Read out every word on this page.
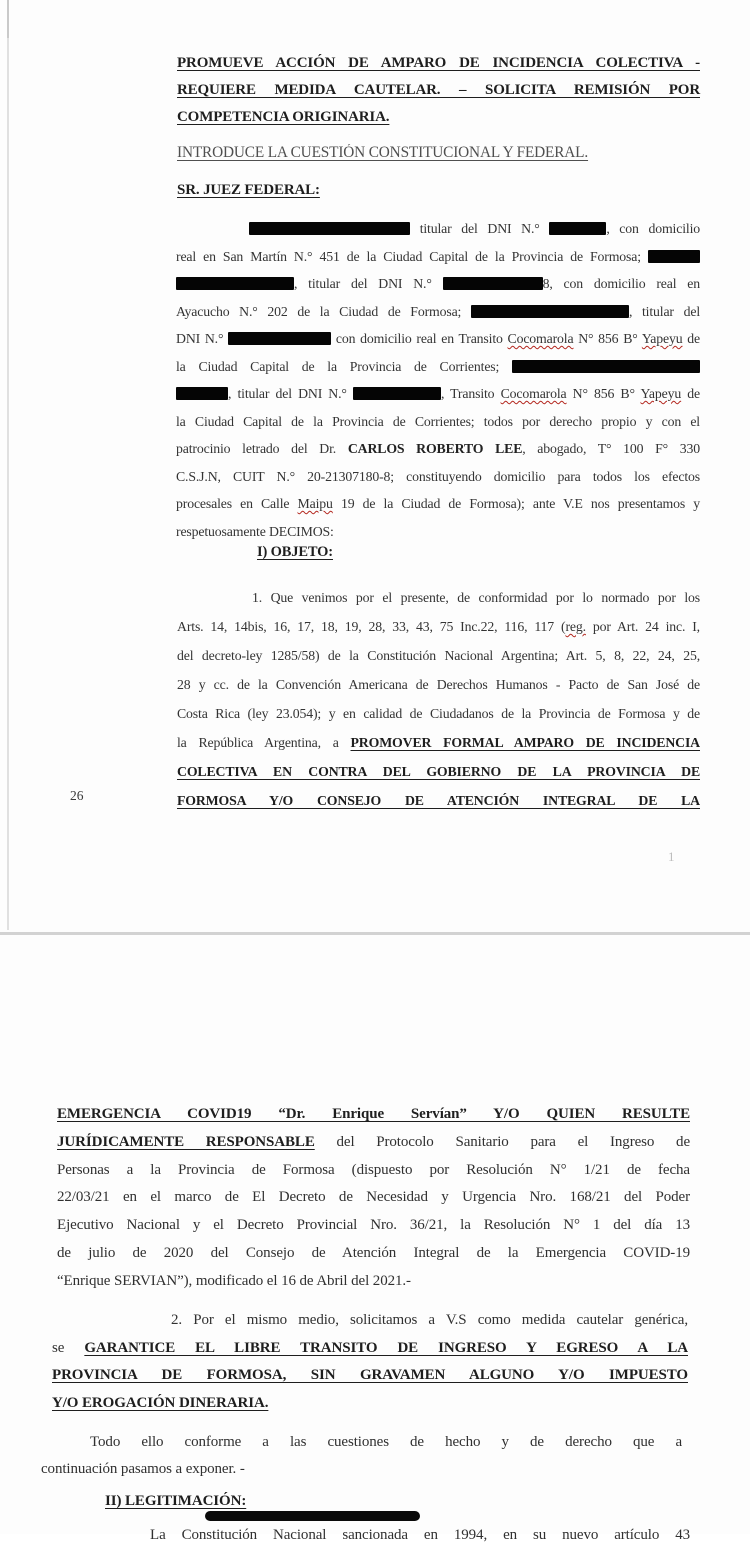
PROMUEVE ACCIÓN DE AMPARO DE INCIDENCIA COLECTIVA -
REQUIERE MEDIDA CAUTELAR. – SOLICITA REMISIÓN POR
COMPETENCIA ORIGINARIA.
INTRODUCE LA CUESTIÓN CONSTITUCIONAL Y FEDERAL.
SR. JUEZ FEDERAL:
titular del DNI N.°	, con domicilio
real en San Martín N.° 451 de la Ciudad Capital de la Provincia de Formosa;
, titular del DNI N.°	8, con domicilio real en
Ayacucho N.° 202 de la Ciudad de Formosa;	, titular del
DNI N.°	con domicilio real en Transito Cocomarola N° 856 B° Yapeyu de
la Ciudad Capital de la Provincia de Corrientes;
, titular del DNI N.°	, Transito Cocomarola N° 856 B° Yapeyu de
la Ciudad Capital de la Provincia de Corrientes; todos por derecho propio y con el
patrocinio letrado del Dr. CARLOS ROBERTO LEE, abogado, T° 100 F° 330
C.S.J.N, CUIT N.° 20-21307180-8; constituyendo domicilio para todos los efectos
procesales en Calle Maipu 19 de la Ciudad de Formosa); ante V.E nos presentamos y
respetuosamente DECIMOS:
I) OBJETO:
1. Que venimos por el presente, de conformidad por lo normado por los
Arts. 14, 14bis, 16, 17, 18, 19, 28, 33, 43, 75 Inc.22, 116, 117 (reg. por Art. 24 inc. I,
del decreto-ley 1285/58) de la Constitución Nacional Argentina; Art. 5, 8, 22, 24, 25,
28 y cc. de la Convención Americana de Derechos Humanos - Pacto de San José de
Costa Rica (ley 23.054); y en calidad de Ciudadanos de la Provincia de Formosa y de
la República Argentina, a PROMOVER FORMAL AMPARO DE INCIDENCIA
COLECTIVA EN CONTRA DEL GOBIERNO DE LA PROVINCIA DE
FORMOSA Y/O CONSEJO DE ATENCIÓN INTEGRAL DE LA
26
1
EMERGENCIA COVID19 “Dr. Enrique Servían” Y/O QUIEN RESULTE
JURÍDICAMENTE RESPONSABLE del Protocolo Sanitario para el Ingreso de
Personas a la Provincia de Formosa (dispuesto por Resolución N° 1/21 de fecha
22/03/21 en el marco de El Decreto de Necesidad y Urgencia Nro. 168/21 del Poder
Ejecutivo Nacional y el Decreto Provincial Nro. 36/21, la Resolución N° 1 del día 13
de julio de 2020 del Consejo de Atención Integral de la Emergencia COVID-19
“Enrique SERVIAN”), modificado el 16 de Abril del 2021.-
2. Por el mismo medio, solicitamos a V.S como medida cautelar genérica,
se GARANTICE EL LIBRE TRANSITO DE INGRESO Y EGRESO A LA
PROVINCIA DE FORMOSA, SIN GRAVAMEN ALGUNO Y/O IMPUESTO
Y/O EROGACIÓN DINERARIA.
Todo ello conforme a las cuestiones de hecho y de derecho que a
continuación pasamos a exponer. -
II) LEGITIMACIÓN:
La Constitución Nacional sancionada en 1994, en su nuevo artículo 43
